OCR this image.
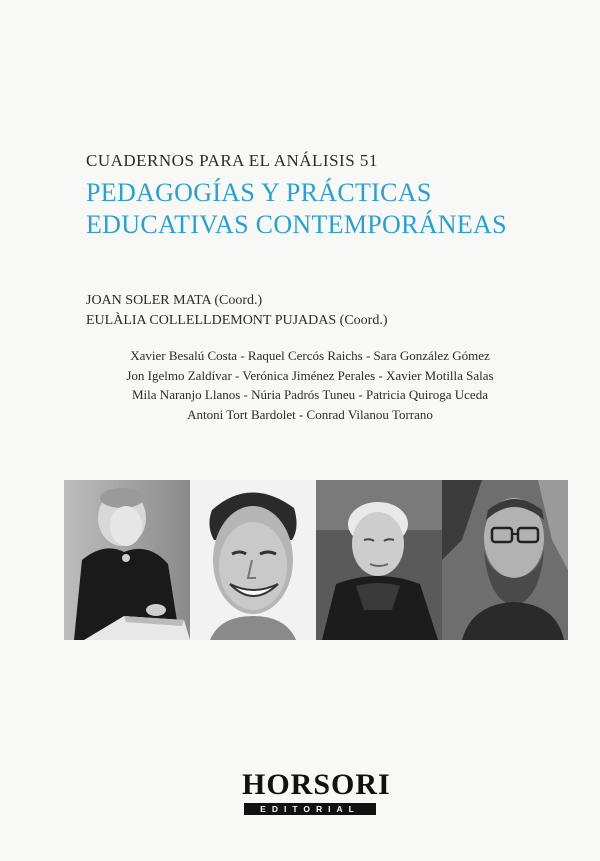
CUADERNOS PARA EL ANÁLISIS 51
PEDAGOGÍAS Y PRÁCTICAS
EDUCATIVAS CONTEMPORÁNEAS
JOAN SOLER MATA (Coord.)
EULÀLIA COLLELLDEMONT PUJADAS (Coord.)
Xavier Besalú Costa - Raquel Cercós Raichs - Sara González Gómez
Jon Igelmo Zaldívar - Verónica Jiménez Perales - Xavier Motilla Salas
Mila Naranjo Llanos - Núria Padrós Tuneu - Patricia Quiroga Uceda
Antoni Tort Bardolet - Conrad Vilanou Torrano
HORSORI
EDITORIAL
